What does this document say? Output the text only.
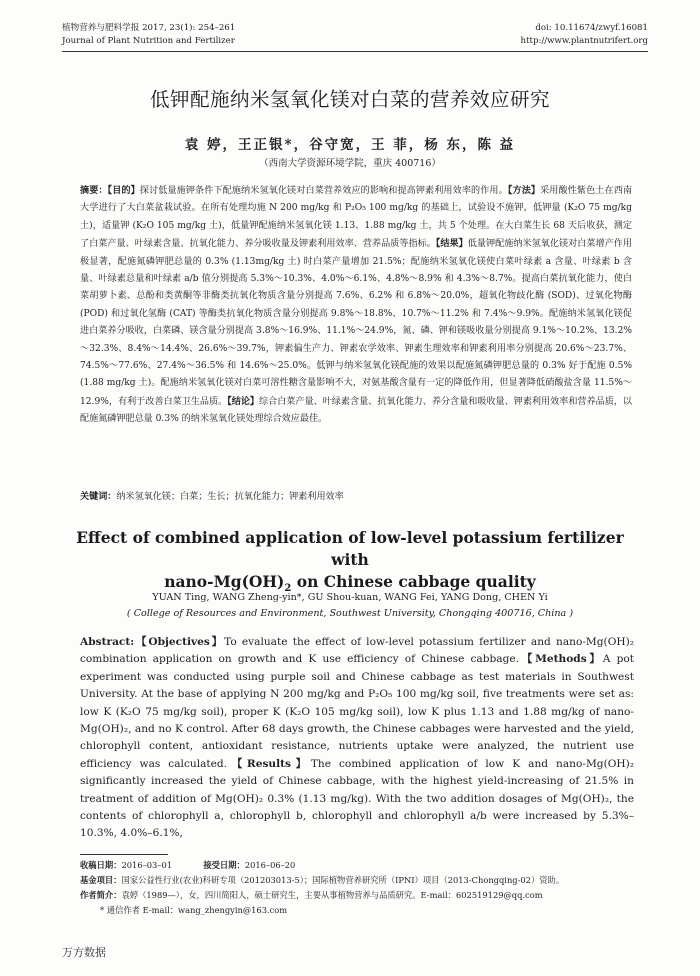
植物营养与肥料学报 2017, 23(1): 254–261	doi: 10.11674/zwyf.16081
Journal of Plant Nutrition and Fertilizer	http://www.plantnutrifert.org
低钾配施纳米氢氧化镁对白菜的营养效应研究
袁 婷，王正银*，谷守宽，王 菲，杨 东，陈 益
（西南大学资源环境学院，重庆 400716）
摘要：【目的】探讨低量施钾条件下配施纳米氢氧化镁对白菜营养效应的影响和提高钾素利用效率的作用。【方法】采用酸性紫色土在西南大学进行了大白菜盆栽试验。在所有处理均施 N 200 mg/kg 和 P₂O₅ 100 mg/kg 的基础上，试验设不施钾，低钾量 (K₂O 75 mg/kg 土)，适量钾 (K₂O 105 mg/kg 土)，低量钾配施纳米氢氧化镁 1.13、1.88 mg/kg 土，共 5 个处理。在大白菜生长 68 天后收获，测定了白菜产量、叶绿素含量、抗氧化能力、养分吸收量及钾素利用效率、营养品质等指标。【结果】低量钾配施纳米氢氧化镁对白菜增产作用极显著，配施氮磷钾肥总量的 0.3% (1.13mg/kg 土) 时白菜产量增加 21.5%；配施纳米氢氧化镁使白菜叶绿素 a 含量、叶绿素 b 含量、叶绿素总量和叶绿素 a/b 值分别提高 5.3%～10.3%、4.0%～6.1%、4.8%～8.9% 和 4.3%～8.7%。提高白菜抗氧化能力，使白菜胡萝卜素、总酚和类黄酮等非酶类抗氧化物质含量分别提高 7.6%、6.2% 和 6.8%～20.0%，超氧化物歧化酶 (SOD)、过氧化物酶 (POD) 和过氧化氢酶 (CAT) 等酶类抗氧化物质含量分别提高 9.8%～18.8%、10.7%～11.2% 和 7.4%～9.9%。配施纳米氢氧化镁促进白菜养分吸收，白菜磷、镁含量分别提高 3.8%～16.9%、11.1%～24.9%，氮、磷、钾和镁吸收量分别提高 9.1%～10.2%、13.2%～32.3%、8.4%～14.4%、26.6%～39.7%，钾素偏生产力、钾素农学效率、钾素生理效率和钾素利用率分别提高 20.6%～23.7%、74.5%～77.6%、27.4%～36.5% 和 14.6%～25.0%。低钾与纳米氢氧化镁配施的效果以配施氮磷钾肥总量的 0.3% 好于配施 0.5% (1.88 mg/kg 土)。配施纳米氢氧化镁对白菜可溶性糖含量影响不大，对氨基酸含量有一定的降低作用，但显著降低硝酸盐含量 11.5%～12.9%，有利于改善白菜卫生品质。【结论】综合白菜产量、叶绿素含量、抗氧化能力、养分含量和吸收量、钾素利用效率和营养品质，以配施氮磷钾肥总量 0.3% 的纳米氢氧化镁处理综合效应最佳。
关键词：纳米氢氧化镁；白菜；生长；抗氧化能力；钾素利用效率
Effect of combined application of low-level potassium fertilizer with
nano-$Mg(OH)_2$ on Chinese cabbage quality
YUAN Ting, WANG Zheng-yin*, GU Shou-kuan, WANG Fei, YANG Dong, CHEN Yi
( College of Resources and Environment, Southwest University, Chongqing 400716, China )
Abstract:【Objectives】To evaluate the effect of low-level potassium fertilizer and nano-Mg(OH)₂ combination application on growth and K use efficiency of Chinese cabbage.【Methods】A pot experiment was conducted using purple soil and Chinese cabbage as test materials in Southwest University. At the base of applying N 200 mg/kg and P₂O₅ 100 mg/kg soil, five treatments were set as: low K (K₂O 75 mg/kg soil), proper K (K₂O 105 mg/kg soil), low K plus 1.13 and 1.88 mg/kg of nano-Mg(OH)₂, and no K control. After 68 days growth, the Chinese cabbages were harvested and the yield, chlorophyll content, antioxidant resistance, nutrients uptake were analyzed, the nutrient use efficiency was calculated.【Results】The combined application of low K and nano-Mg(OH)₂ significantly increased the yield of Chinese cabbage, with the highest yield-increasing of 21.5% in treatment of addition of Mg(OH)₂ 0.3% (1.13 mg/kg). With the two addition dosages of Mg(OH)₂, the contents of chlorophyll a, chlorophyll b, chlorophyll and chlorophyll a/b were increased by 5.3%–10.3%, 4.0%–6.1%,
收稿日期：2016–03–01	接受日期：2016–06–20
基金项目：国家公益性行业(农业)科研专项（201203013-5）；国际植物营养研究所（IPNI）项目（2013-Chongqing-02）资助。
作者简介：袁婷（1989—），女，四川简阳人，硕士研究生，主要从事植物营养与品质研究。E-mail：602519129@qq.com
* 通信作者 E-mail：wang_zhengyin@163.com
万方数据
